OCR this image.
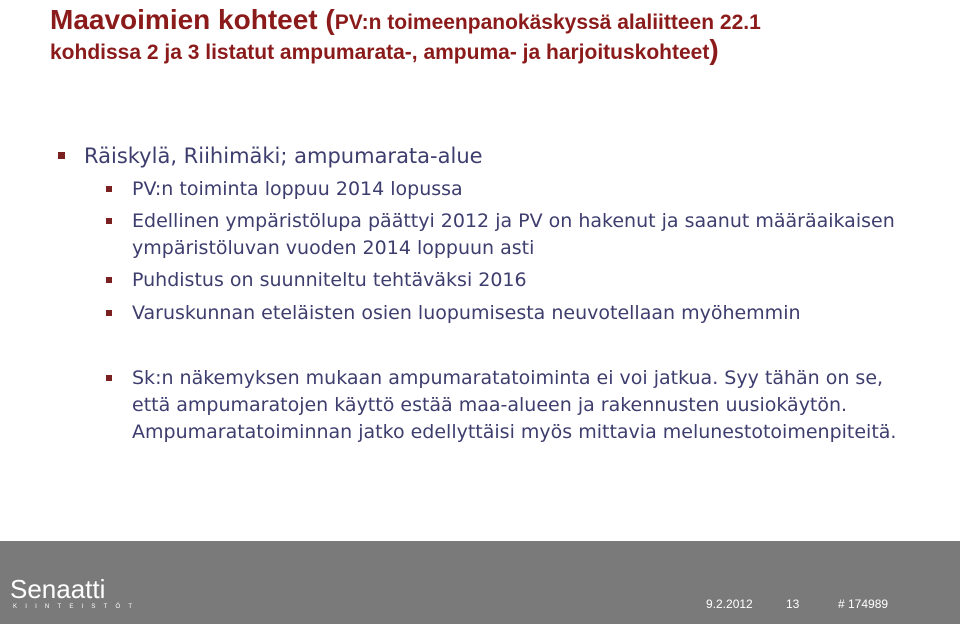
Maavoimien kohteet (PV:n toimeenpanokäskyssä alaliitteen 22.1
kohdissa 2 ja 3 listatut ampumarata-, ampuma- ja harjoituskohteet)
Räiskylä, Riihimäki; ampumarata-alue
PV:n toiminta loppuu 2014 lopussa
Edellinen ympäristölupa päättyi 2012 ja PV on hakenut ja saanut määräaikaisen ympäristöluvan vuoden 2014 loppuun asti
Puhdistus on suunniteltu tehtäväksi 2016
Varuskunnan eteläisten osien luopumisesta neuvotellaan myöhemmin
Sk:n näkemyksen mukaan ampumaratatoiminta ei voi jatkua. Syy tähän on se, että ampumaratojen käyttö estää maa-alueen ja rakennusten uusiokäytön. Ampumaratatoiminnan jatko edellyttäisi myös mittavia melunestotoimenpiteitä.
Senaatti
KIINTEISTÖT	9.2.2012	13	# 174989
